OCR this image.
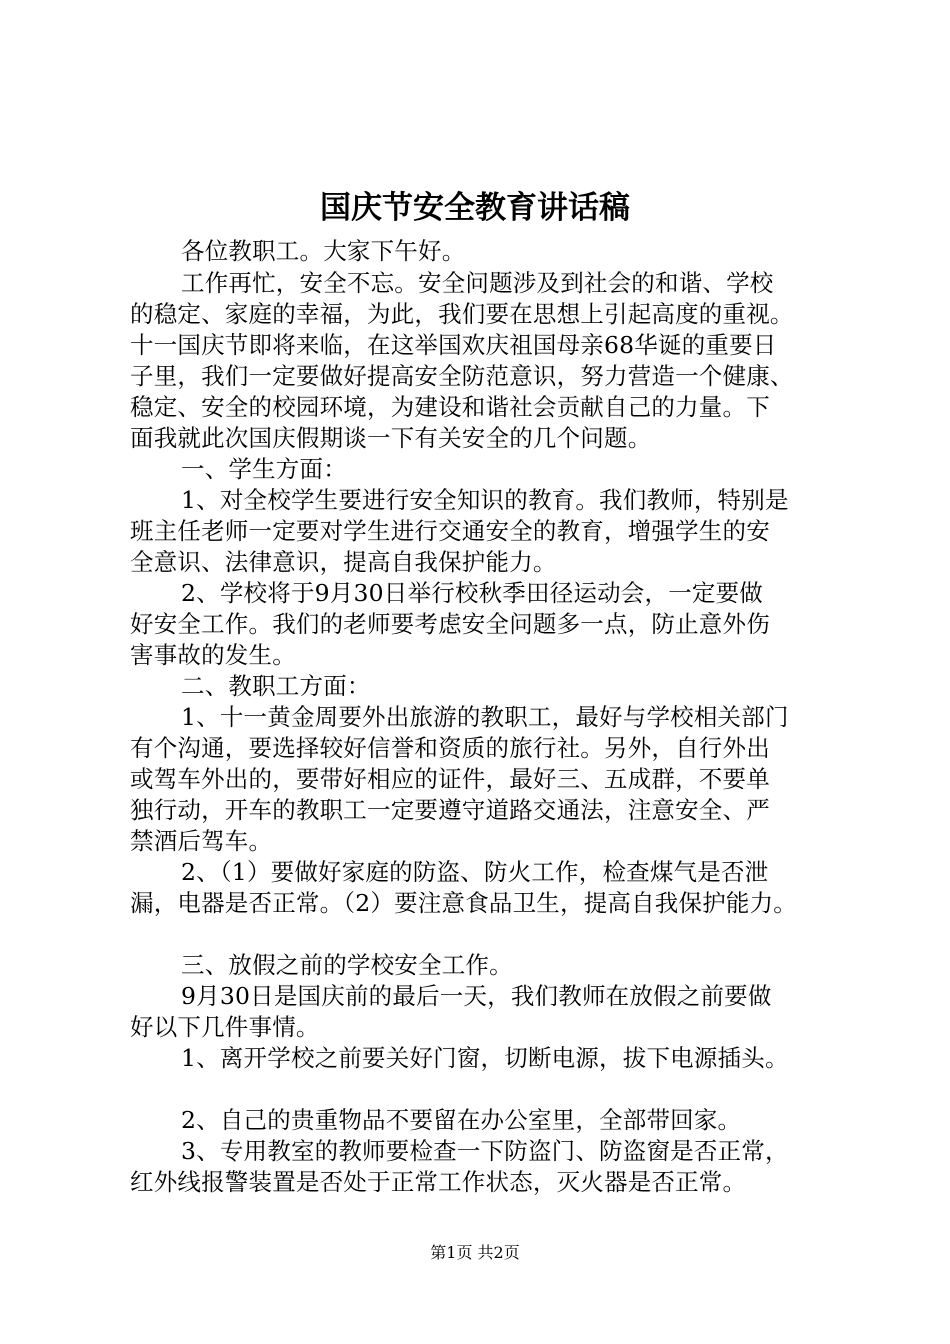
国庆节安全教育讲话稿
各位教职工。大家下午好。
工作再忙，安全不忘。安全问题涉及到社会的和谐、学校
的稳定、家庭的幸福，为此，我们要在思想上引起高度的重视。
十一国庆节即将来临，在这举国欢庆祖国母亲68华诞的重要日
子里，我们一定要做好提高安全防范意识，努力营造一个健康、
稳定、安全的校园环境，为建设和谐社会贡献自己的力量。下
面我就此次国庆假期谈一下有关安全的几个问题。
一、学生方面：
1、对全校学生要进行安全知识的教育。我们教师，特别是
班主任老师一定要对学生进行交通安全的教育，增强学生的安
全意识、法律意识，提高自我保护能力。
2、学校将于9月30日举行校秋季田径运动会，一定要做
好安全工作。我们的老师要考虑安全问题多一点，防止意外伤
害事故的发生。
二、教职工方面：
1、十一黄金周要外出旅游的教职工，最好与学校相关部门
有个沟通，要选择较好信誉和资质的旅行社。另外，自行外出
或驾车外出的，要带好相应的证件，最好三、五成群，不要单
独行动，开车的教职工一定要遵守道路交通法，注意安全、严
禁酒后驾车。
2、（1）要做好家庭的防盗、防火工作，检查煤气是否泄
漏，电器是否正常。（2）要注意食品卫生，提高自我保护能力。
三、放假之前的学校安全工作。
9月30日是国庆前的最后一天，我们教师在放假之前要做
好以下几件事情。
1、离开学校之前要关好门窗，切断电源，拔下电源插头。
2、自己的贵重物品不要留在办公室里，全部带回家。
3、专用教室的教师要检查一下防盗门、防盗窗是否正常，
红外线报警装置是否处于正常工作状态，灭火器是否正常。
第1页 共2页
